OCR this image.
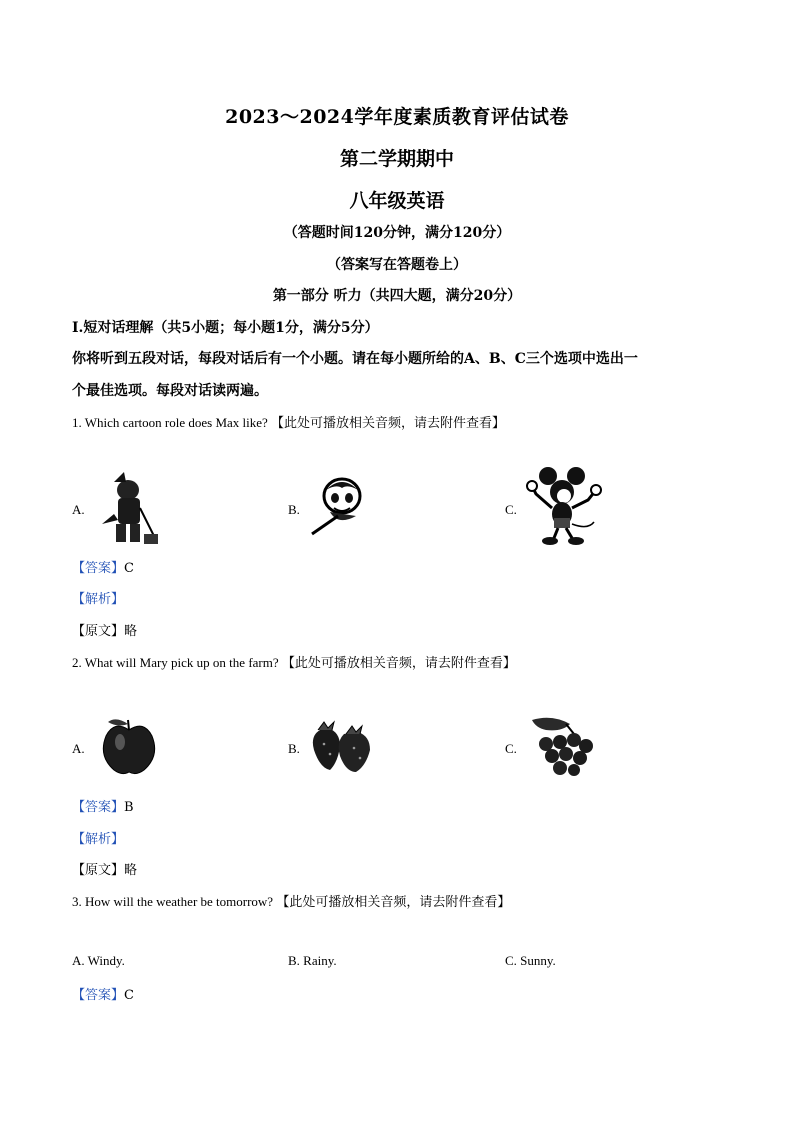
2023～2024学年度素质教育评估试卷
第二学期期中
八年级英语
（答题时间120分钟，满分120分）
（答案写在答题卷上）
第一部分 听力（共四大题，满分20分）
Ⅰ.短对话理解（共5小题；每小题1分，满分5分）
你将听到五段对话，每段对话后有一个小题。请在每小题所给的A、B、C三个选项中选出一
个最佳选项。每段对话读两遍。
1. Which cartoon role does Max like? 【此处可播放相关音频，请去附件查看】
A.	B.	C.
【答案】C
【解析】
【原文】略
2. What will Mary pick up on the farm? 【此处可播放相关音频，请去附件查看】
A.	B.	C.
【答案】B
【解析】
【原文】略
3. How will the weather be tomorrow? 【此处可播放相关音频，请去附件查看】
A. Windy.	B. Rainy.	C. Sunny.
【答案】C
